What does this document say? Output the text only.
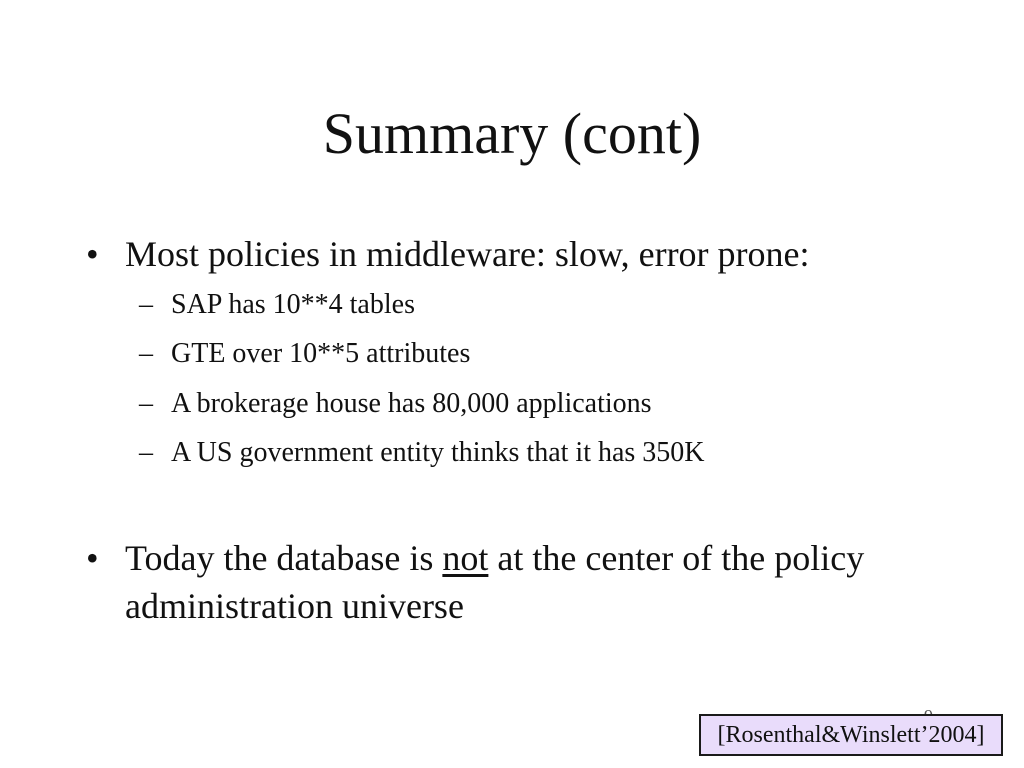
Summary (cont)
• Most policies in middleware: slow, error prone:
– SAP has 10**4 tables
– GTE over 10**5 attributes
– A brokerage house has 80,000 applications
– A US government entity thinks that it has 350K
• Today the database is not at the center of the policy administration universe
[Rosenthal&Winslett’2004]
